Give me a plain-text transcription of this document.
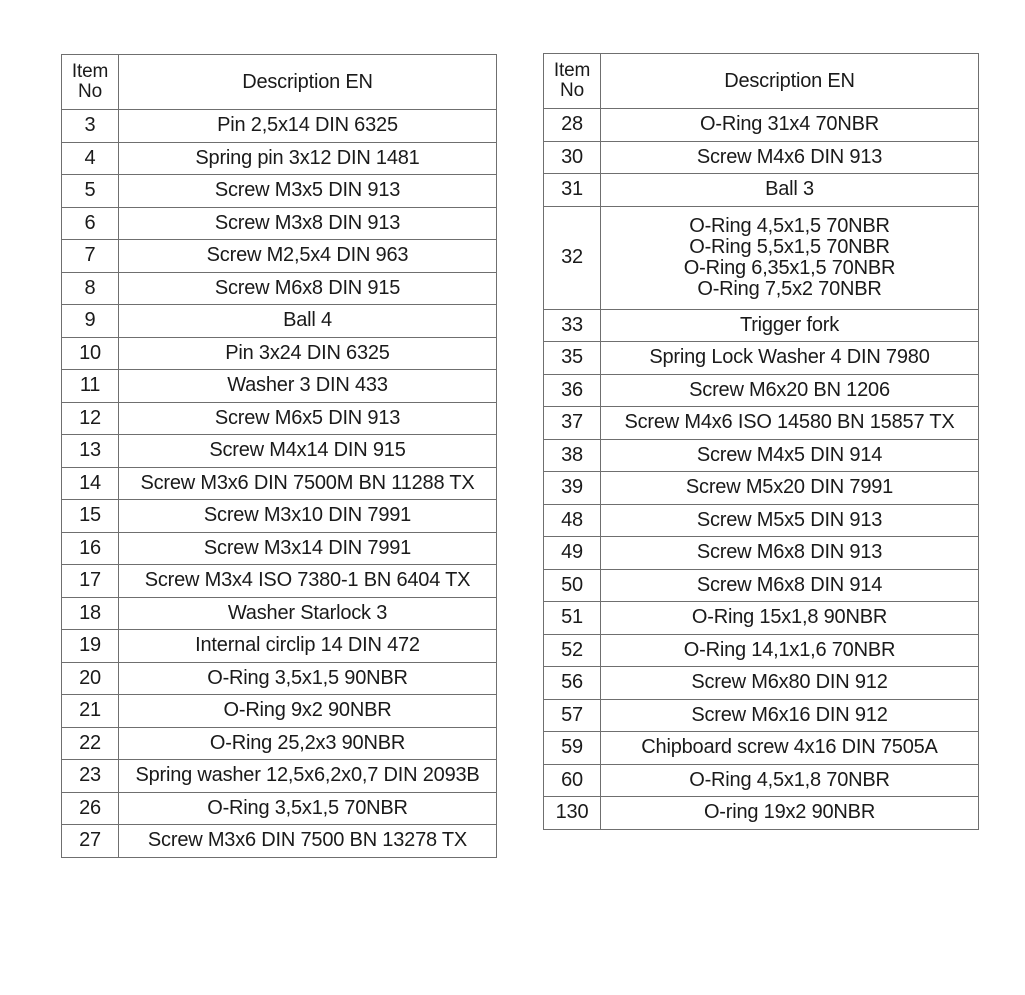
Item
No	Description EN
3	Pin 2,5x14 DIN 6325
4	Spring pin 3x12 DIN 1481
5	Screw M3x5 DIN 913
6	Screw M3x8 DIN 913
7	Screw M2,5x4 DIN 963
8	Screw M6x8 DIN 915
9	Ball 4
10	Pin 3x24 DIN 6325
11	Washer 3 DIN 433
12	Screw M6x5 DIN 913
13	Screw M4x14 DIN 915
14	Screw M3x6 DIN 7500M BN 11288 TX
15	Screw M3x10 DIN 7991
16	Screw M3x14 DIN 7991
17	Screw M3x4 ISO 7380-1 BN 6404 TX
18	Washer Starlock 3
19	Internal circlip 14 DIN 472
20	O-Ring 3,5x1,5 90NBR
21	O-Ring 9x2 90NBR
22	O-Ring 25,2x3 90NBR
23	Spring washer 12,5x6,2x0,7 DIN 2093B
26	O-Ring 3,5x1,5 70NBR
27	Screw M3x6 DIN 7500 BN 13278 TX
Item
No	Description EN
28	O-Ring 31x4 70NBR
30	Screw M4x6 DIN 913
31	Ball 3
32	O-Ring 4,5x1,5 70NBR
O-Ring 5,5x1,5 70NBR
O-Ring 6,35x1,5 70NBR
O-Ring 7,5x2 70NBR

33	Trigger fork
35	Spring Lock Washer 4 DIN 7980
36	Screw M6x20 BN 1206
37	Screw M4x6 ISO 14580 BN 15857 TX
38	Screw M4x5 DIN 914
39	Screw M5x20 DIN 7991
48	Screw M5x5 DIN 913
49	Screw M6x8 DIN 913
50	Screw M6x8 DIN 914
51	O-Ring 15x1,8 90NBR
52	O-Ring 14,1x1,6 70NBR
56	Screw M6x80 DIN 912
57	Screw M6x16 DIN 912
59	Chipboard screw 4x16 DIN 7505A
60	O-Ring 4,5x1,8 70NBR
130	O-ring 19x2 90NBR
